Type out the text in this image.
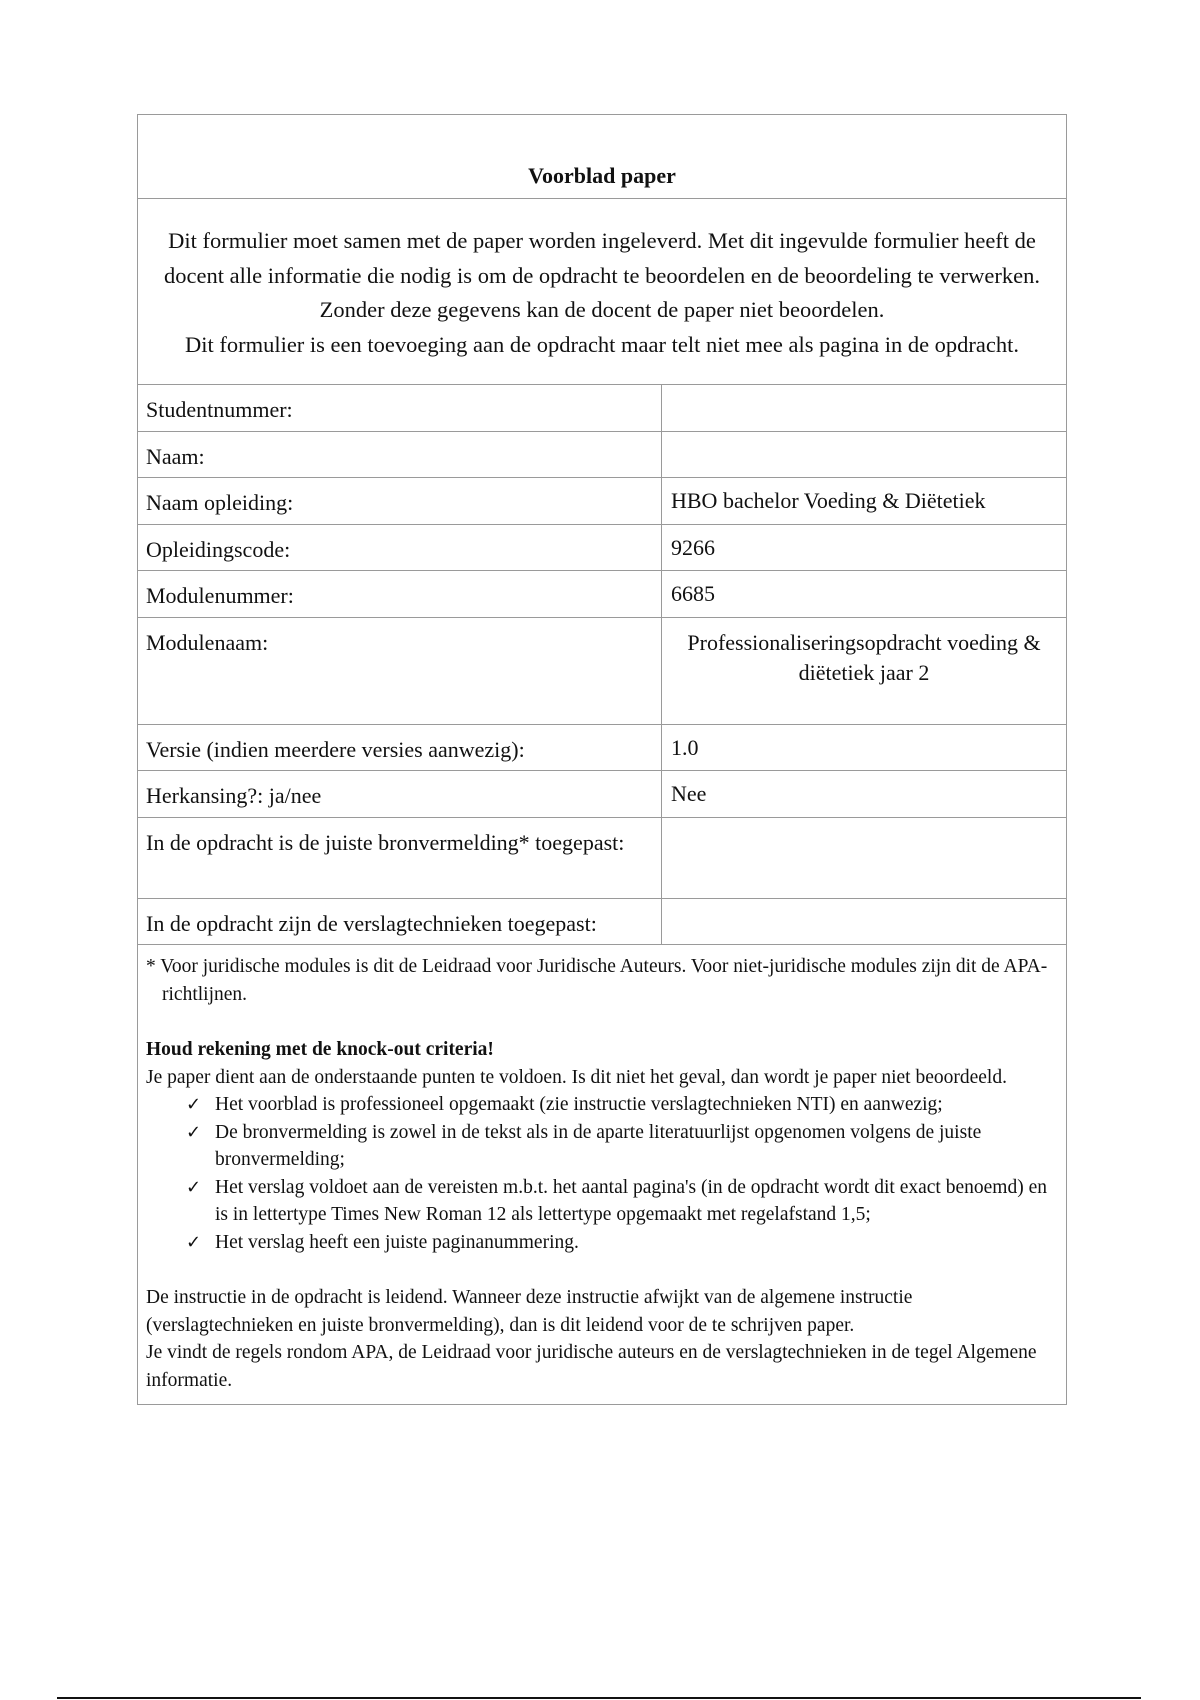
Voorblad paper

Dit formulier moet samen met de paper worden ingeleverd. Met dit ingevulde formulier heeft de docent alle informatie die nodig is om de opdracht te beoordelen en de beoordeling te verwerken. Zonder deze gegevens kan de docent de paper niet beoordelen.

Dit formulier is een toevoeging aan de opdracht maar telt niet mee als pagina in de opdracht.

Studentnummer:
Naam:
Naam opleiding:	HBO bachelor Voeding & Diëtetiek
Opleidingscode:	9266
Modulenummer:	6685
Modulenaam:	Professionaliseringsopdracht voeding & diëtetiek jaar 2
Versie (indien meerdere versies aanwezig):	1.0
Herkansing?: ja/nee	Nee
In de opdracht is de juiste bronvermelding* toegepast:
In de opdracht zijn de verslagtechnieken toegepast:

* Voor juridische modules is dit de Leidraad voor Juridische Auteurs. Voor niet-juridische modules zijn dit de APA-richtlijnen.

Houd rekening met de knock-out criteria!

Je paper dient aan de onderstaande punten te voldoen. Is dit niet het geval, dan wordt je paper niet beoordeeld.

✓ Het voorblad is professioneel opgemaakt (zie instructie verslagtechnieken NTI) en aanwezig;
✓ De bronvermelding is zowel in de tekst als in de aparte literatuurlijst opgenomen volgens de juiste bronvermelding;
✓ Het verslag voldoet aan de vereisten m.b.t. het aantal pagina's (in de opdracht wordt dit exact benoemd) en is in lettertype Times New Roman 12 als lettertype opgemaakt met regelafstand 1,5;
✓ Het verslag heeft een juiste paginanummering.

De instructie in de opdracht is leidend. Wanneer deze instructie afwijkt van de algemene instructie (verslagtechnieken en juiste bronvermelding), dan is dit leidend voor de te schrijven paper.

Je vindt de regels rondom APA, de Leidraad voor juridische auteurs en de verslagtechnieken in de tegel Algemene informatie.
